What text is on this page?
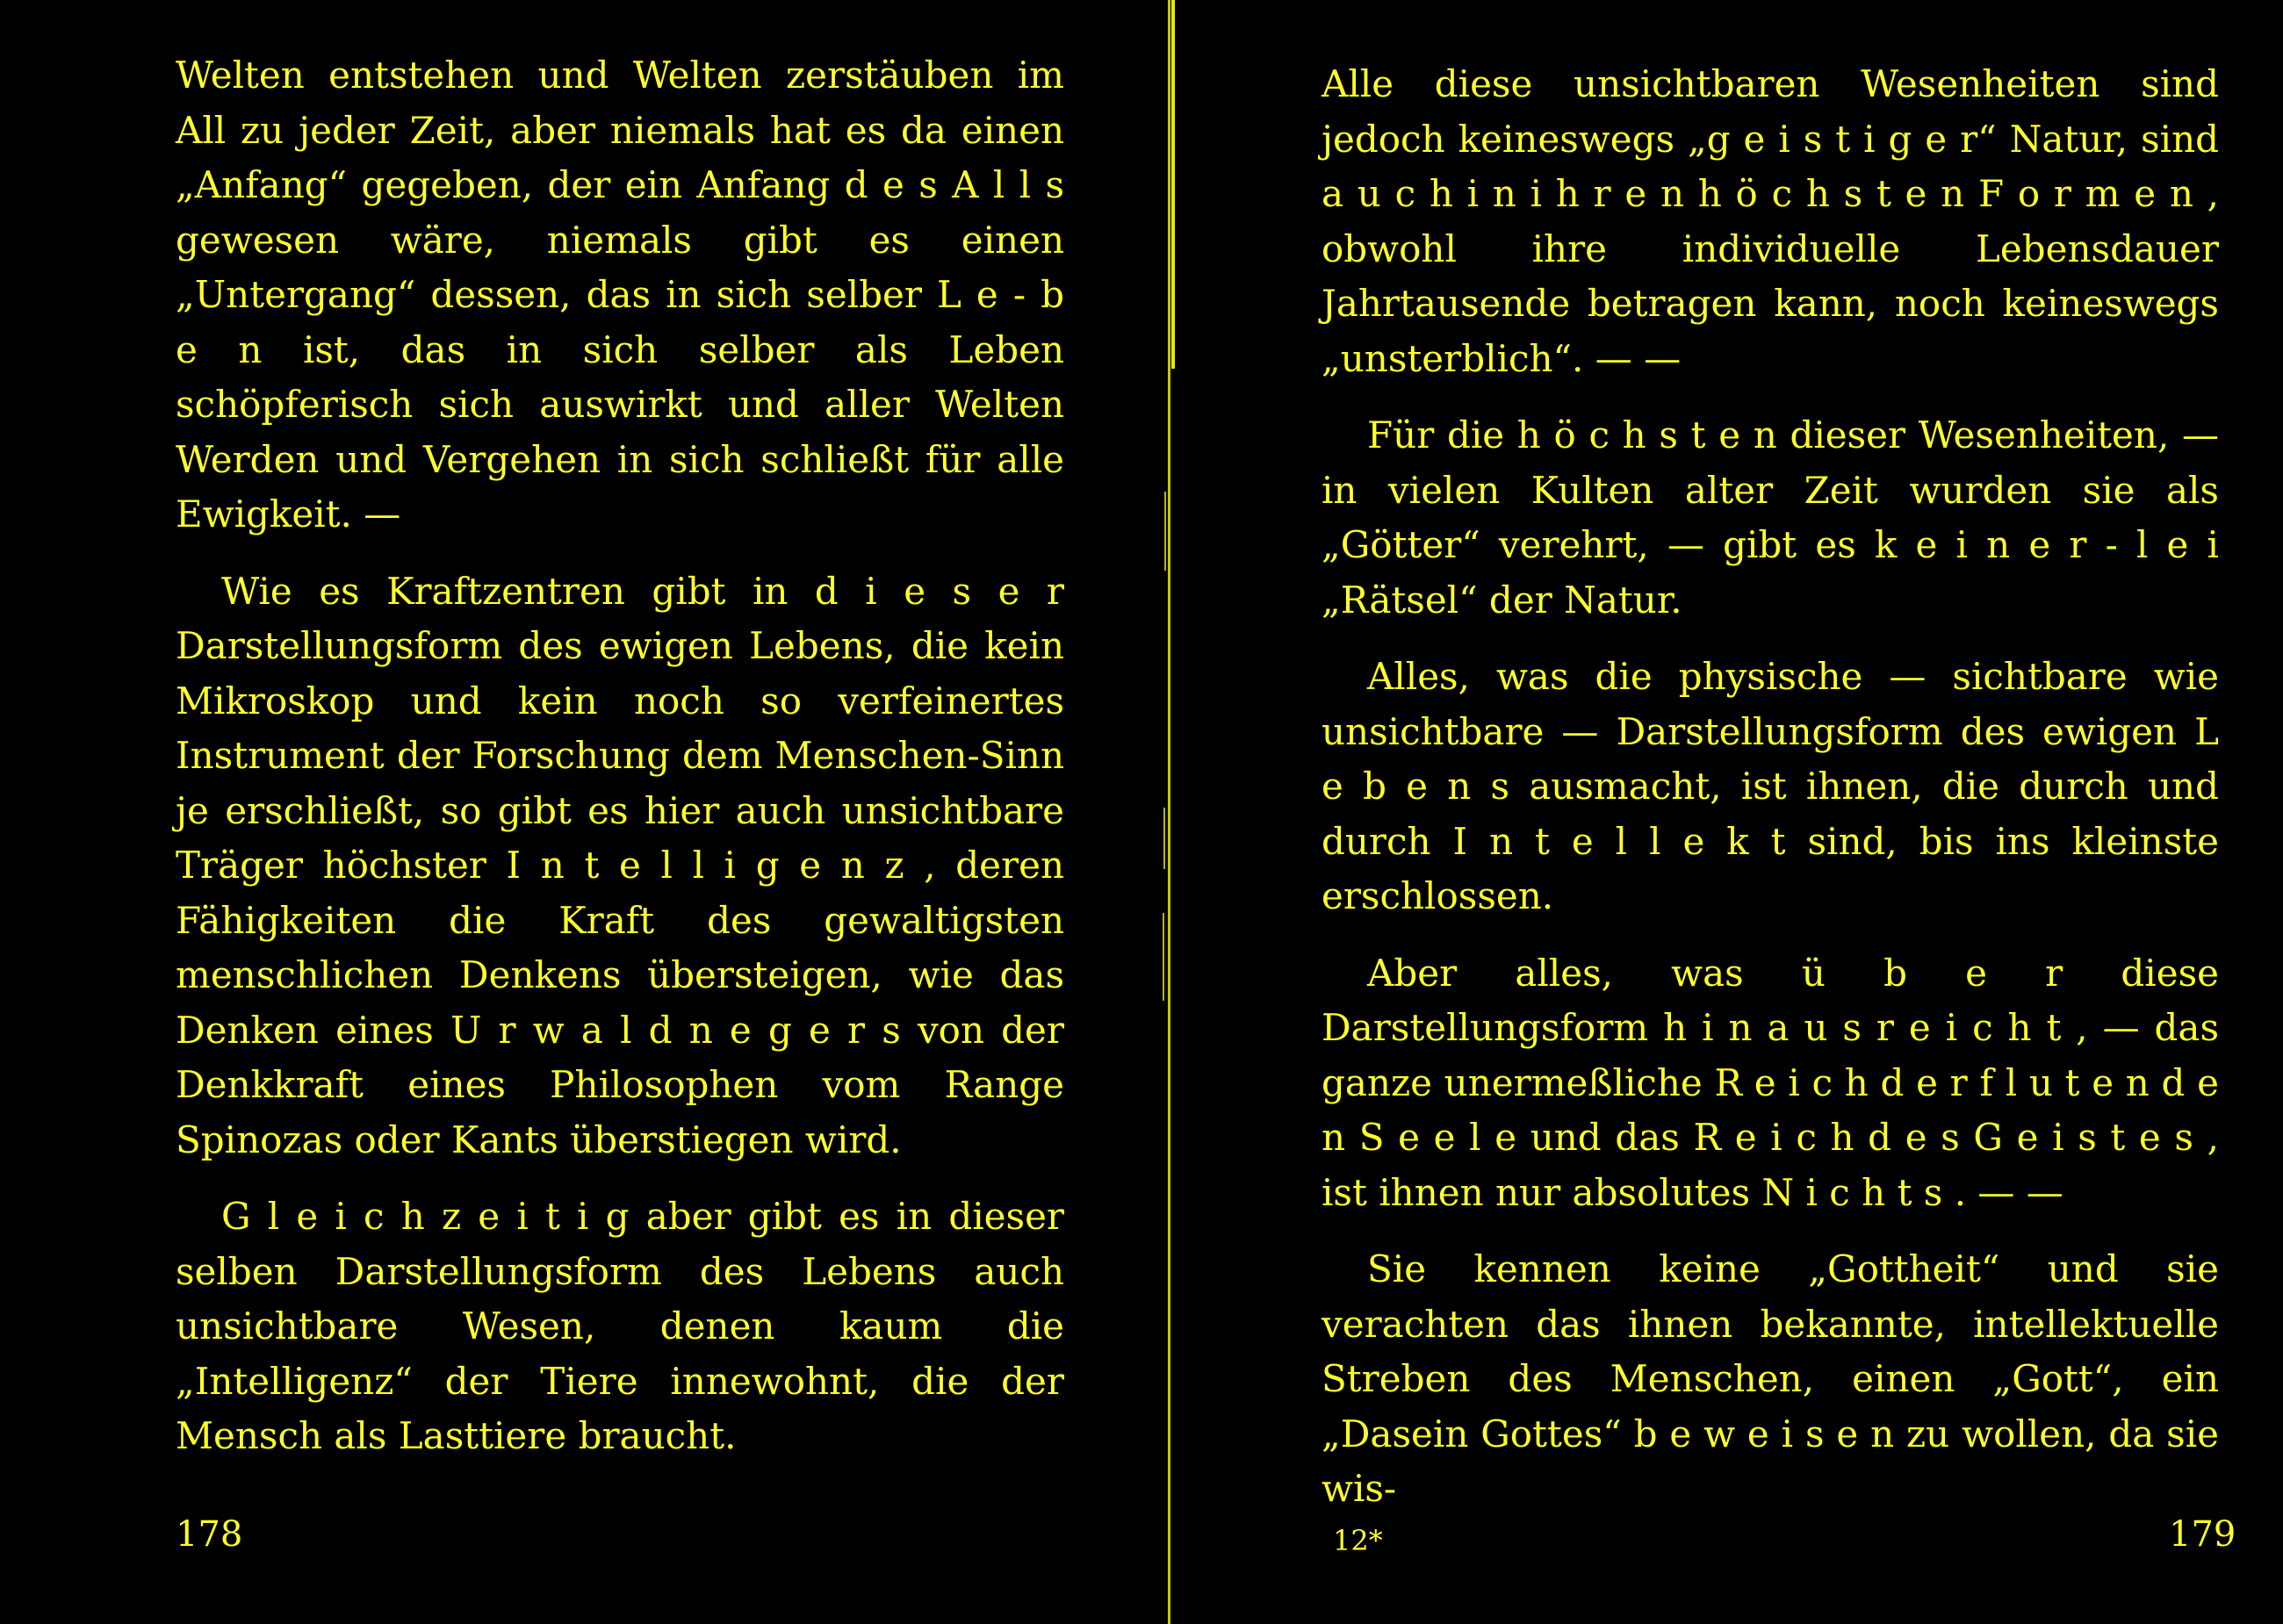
Welten entstehen und Welten zerstäuben im All zu jeder Zeit, aber niemals hat es da einen „Anfang“ gegeben, der ein Anfang d e s A l l s gewesen wäre, niemals gibt es einen „Untergang“ dessen, das in sich selber L e - b e n ist, das in sich selber als Leben schöpferisch sich auswirkt und aller Welten Werden und Vergehen in sich schließt für alle Ewigkeit. —

Wie es Kraftzentren gibt in d i e s e r Darstellungsform des ewigen Lebens, die kein Mikroskop und kein noch so verfeinertes Instrument der Forschung dem Menschen-Sinn je erschließt, so gibt es hier auch unsichtbare Träger höchster I n t e l l i g e n z , deren Fähigkeiten die Kraft des gewaltigsten menschlichen Denkens übersteigen, wie das Denken eines U r w a l d n e g e r s von der Denkkraft eines Philosophen vom Range Spinozas oder Kants überstiegen wird.

G l e i c h z e i t i g aber gibt es in dieser selben Darstellungsform des Lebens auch unsichtbare Wesen, denen kaum die „Intelligenz“ der Tiere innewohnt, die der Mensch als Lasttiere braucht.

178

Alle diese unsichtbaren Wesenheiten sind jedoch keineswegs „g e i s t i g e r“ Natur, sind a u c h i n i h r e n h ö c h s t e n F o r m e n , obwohl ihre individuelle Lebensdauer Jahrtausende betragen kann, noch keineswegs „unsterblich“. — —

Für die h ö c h s t e n dieser Wesenheiten, — in vielen Kulten alter Zeit wurden sie als „Götter“ verehrt, — gibt es k e i n e r - l e i „Rätsel“ der Natur.

Alles, was die physische — sichtbare wie unsichtbare — Darstellungsform des ewigen L e b e n s ausmacht, ist ihnen, die durch und durch I n t e l l e k t sind, bis ins kleinste erschlossen.

Aber alles, was ü b e r diese Darstellungsform h i n a u s r e i c h t , — das ganze unermeßliche R e i c h d e r f l u t e n d e n S e e l e und das R e i c h d e s G e i s t e s , ist ihnen nur absolutes N i c h t s . — —

Sie kennen keine „Gottheit“ und sie verachten das ihnen bekannte, intellektuelle Streben des Menschen, einen „Gott“, ein „Dasein Gottes“ b e w e i s e n zu wollen, da sie wis-

12*	179
